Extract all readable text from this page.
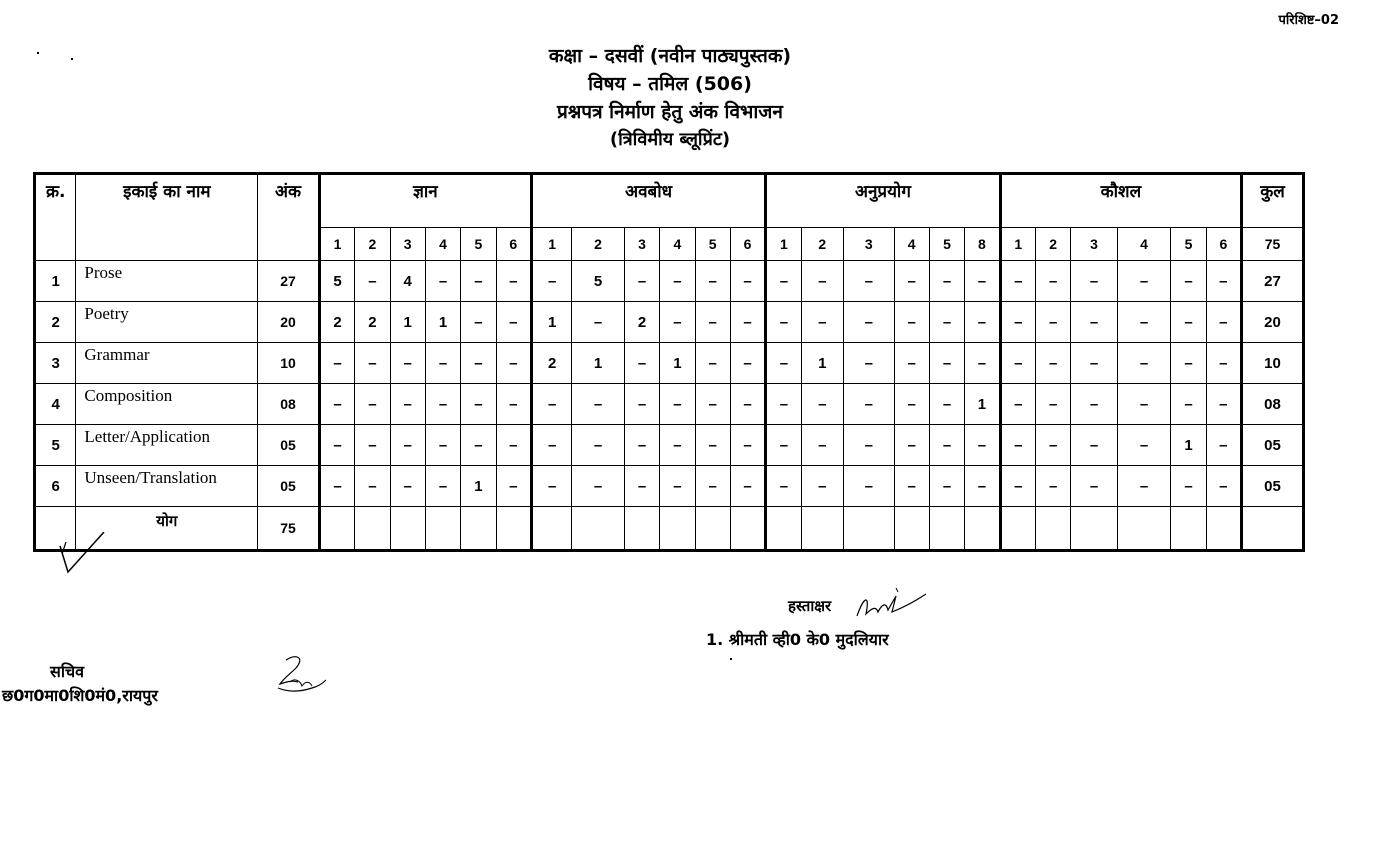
परिशिष्ट–02
कक्षा – दसवीं (नवीन पाठ्यपुस्तक)
विषय – तमिल (506)
प्रश्नपत्र निर्माण हेतु अंक विभाजन
(त्रिविमीय ब्लूप्रिंट)
क्र.	इकाई का नाम	अंक	ज्ञान						अवबोध						अनुप्रयोग						कौशल						कुल
			1	2	3	4	5	6	1	2	3	4	5	6	1	2	3	4	5	8	1	2	3	4	5	6	75
1	Prose	27	5	–	4	–	–	–	–	5	–	–	–	–	–	–	–	–	–	–	–	–	–	–	–	–	27
2	Poetry	20	2	2	1	1	–	–	1	–	2	–	–	–	–	–	–	–	–	–	–	–	–	–	–	–	20
3	Grammar	10	–	–	–	–	–	–	2	1	–	1	–	–	–	1	–	–	–	–	–	–	–	–	–	–	10
4	Composition	08	–	–	–	–	–	–	–	–	–	–	–	–	–	–	–	–	–	1	–	–	–	–	–	–	08
5	Letter/Application	05	–	–	–	–	–	–	–	–	–	–	–	–	–	–	–	–	–	–	–	–	–	–	1	–	05
6	Unseen/Translation	05	–	–	–	–	1	–	–	–	–	–	–	–	–	–	–	–	–	–	–	–	–	–	–	–	05
	योग	75																									
हस्ताक्षर
1. श्रीमती व्ही0 के0 मुदलियार
सचिव
छ0ग0मा0शि0मं0,रायपुर
